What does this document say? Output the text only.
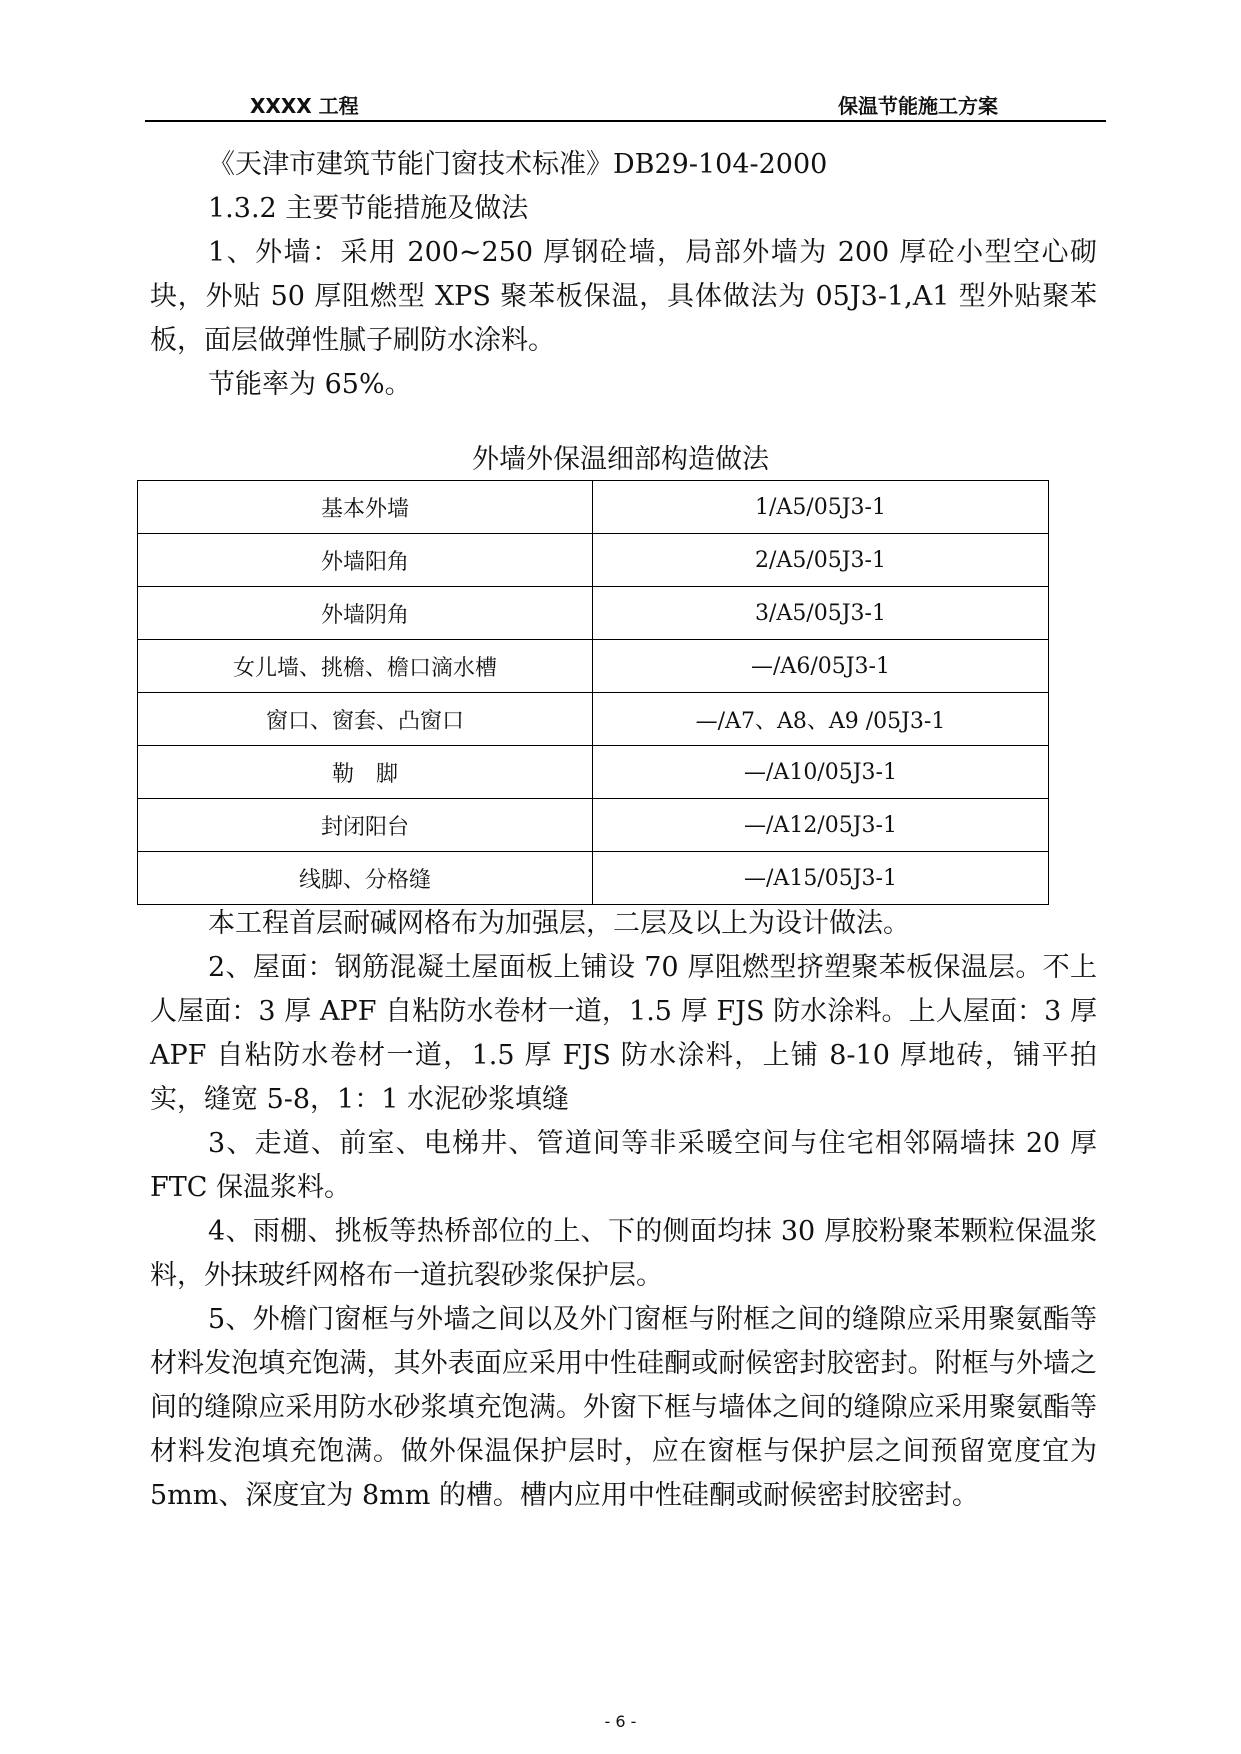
XXXX 工程	保温节能施工方案

《天津市建筑节能门窗技术标准》DB29-104-2000

1.3.2 主要节能措施及做法

1、外墙：采用 200~250 厚钢砼墙，局部外墙为 200 厚砼小型空心砌块，外贴 50 厚阻燃型 XPS 聚苯板保温，具体做法为 05J3-1,A1 型外贴聚苯板，面层做弹性腻子刷防水涂料。

节能率为 65%。

外墙外保温细部构造做法
基本外墙	1/A5/05J3-1
外墙阳角	2/A5/05J3-1
外墙阴角	3/A5/05J3-1
女儿墙、挑檐、檐口滴水槽	—/A6/05J3-1
窗口、窗套、凸窗口	—/A7、A8、A9 /05J3-1
勒　脚	—/A10/05J3-1
封闭阳台	—/A12/05J3-1
线脚、分格缝	—/A15/05J3-1

本工程首层耐碱网格布为加强层，二层及以上为设计做法。

2、屋面：钢筋混凝土屋面板上铺设 70 厚阻燃型挤塑聚苯板保温层。不上人屋面：3 厚 APF 自粘防水卷材一道，1.5 厚 FJS 防水涂料。上人屋面：3 厚 APF 自粘防水卷材一道，1.5 厚 FJS 防水涂料，上铺 8-10 厚地砖，铺平拍实，缝宽 5-8，1：1 水泥砂浆填缝

3、走道、前室、电梯井、管道间等非采暖空间与住宅相邻隔墙抹 20 厚 FTC 保温浆料。

4、雨棚、挑板等热桥部位的上、下的侧面均抹 30 厚胶粉聚苯颗粒保温浆料，外抹玻纤网格布一道抗裂砂浆保护层。

5、外檐门窗框与外墙之间以及外门窗框与附框之间的缝隙应采用聚氨酯等材料发泡填充饱满，其外表面应采用中性硅酮或耐候密封胶密封。附框与外墙之间的缝隙应采用防水砂浆填充饱满。外窗下框与墙体之间的缝隙应采用聚氨酯等材料发泡填充饱满。做外保温保护层时，应在窗框与保护层之间预留宽度宜为 5mm、深度宜为 8mm 的槽。槽内应用中性硅酮或耐候密封胶密封。

- 6 -
